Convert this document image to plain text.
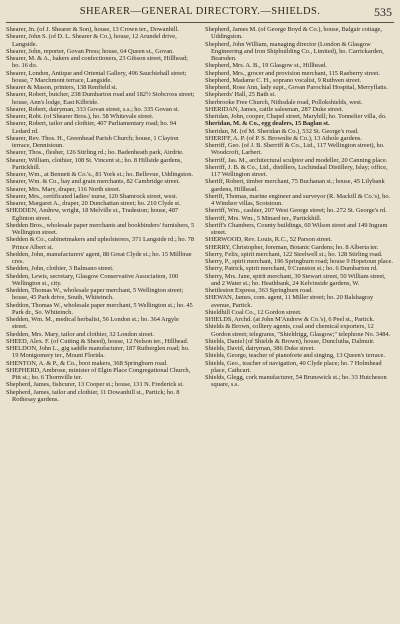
SHEARER—GENERAL DIRECTORY.—SHIELDS.	535
Shearer, Jn. (of J. Shearer & Son), house, 13 Crown ter., Dowanhill.
Shearer, John S. (of D. L. Shearer & Co.), house, 12 Arundel drive, Langside.
Shearer, John, reporter, Govan Press; house, 64 Queen st., Govan.
Shearer, M. & A., bakers and confectioners, 23 Gibson street, Hillhead; ho. 16 do.
Shearer, London, Antique and Oriental Gallery, 496 Sauchiehall street; house, 7 Marchmont terrace, Langside.
Shearer & Mason, printers, 138 Renfield st.
Shearer, Robert, butcher, 238 Dumbarton road and 182½ Stobcross street; house, Ann's lodge, East Kilbride.
Shearer, Robert, dairyman, 333 Govan street, s.s.; ho. 335 Govan st.
Shearer, Robt. (of Shearer Bros.), ho. 58 Whitevale street.
Shearer, Robert, tailor and clothier, 407 Parliamentary road; ho. 94 Ledard rd.
Shearer, Rev. Thos. H., Greenhead Parish Church; house, 1 Clayton terrace, Dennistoun.
Shearer, Thos., flesher, 126 Stirling rd.; ho. Badenheath park, Airdrie.
Shearer, William, clothier, 108 St. Vincent st.; ho. 8 Hillside gardens, Partickhill.
Shearer, Wm., at Bennett & Co.'s., 81 York st.; ho. Bellevue, Uddingston.
Shearer, Wm. & Co., hay and grain merchants, 82 Cambridge street.
Shearer, Mrs. Mary, draper, 116 North street.
Shearer, Mrs., certificated ladies' nurse, 120 Shamrock street, west.
Shearer, Margaret A., draper, 20 Dunchattan street; ho. 210 Clyde st.
SHEDDEN, Andrew, wright, 18 Melville st., Tradeston; house, 487 Eglinton street.
Shedden Bros., wholesale paper merchants and bookbinders' furnishers, 5 Wellington street.
Shedden & Co., cabinetmakers and upholsterers, 371 Langside rd.; ho. 78 Prince Albert st.
Shedden, John, manufacturers' agent, 88 Great Clyde st.; ho. 15 Millbrae cres.
Shedden, John, clothier, 3 Balmano street.
Shedden, Lewis, secretary, Glasgow Conservative Association, 100 Wellington st., city.
Shedden, Thomas W., wholesale paper merchant, 5 Wellington street; house, 45 Park drive, South, Whiteinch.
Sheddon, Thomas W., wholesale paper merchant, 5 Wellington st.; ho. 45 Park dr., So. Whiteinch.
Shedden, Wm. M., medical herbalist, 56 London st.; ho. 364 Argyle street.
Shedden, Mrs. Mary, tailor and clothier, 32 London street.
SHEED, Alex. F. (of Cutting & Sheed), house, 12 Nelson ter., Hillhead.
SHELDON, John L., gig saddle manufacturer, 187 Rutherglen road; ho. 19 Montgomery ter., Mount Florida.
SHENTON, A. & P., & Co., boot makers, 368 Springburn road.
SHEPHERD, Ambrose, minister of Elgin Place Congregational Church, Pitt st.; ho. 6 Thornville ter.
Shepherd, James, fishcurer, 13 Cooper st.; house, 131 N. Frederick st.
Shepherd, James, tailor and clothier, 11 Dowanhill st., Partick; ho. 8 Rothesay gardens.
Shepherd, James M. (of George Boyd & Co.), house, Balgair cottage, Uddingston.
Shepherd, John William, managing director (London & Glasgow Engineering and Iron Shipbuilding Co., Limited), ho. Carrickarden, Bearsden.
Shepherd, Mrs. A. B., 19 Glasgow st., Hillhead.
Shepherd, Mrs., grocer and provision merchant, 115 Raeberry street.
Shepherd, Madame C. H., soprano vocalist, 9 Ruthven street.
Shepherd, Rose Ann, lady supt., Govan Parochial Hospital, Merryflatts.
Shepherds' Hall, 25 Bath st.
Sherbrooke Free Church, Nithsdale road, Pollokshields, west.
SHERIDAN, James, cattle salesman, 287 Duke street.
Sheridan, John, cooper, Chapel street, Maryhill; ho. Tonnelier villa, do.
Sheridan, M. & Co., egg dealers, 15 Baglan st.
Sheridan, M. (of M. Sheridan & Co.), 532 St. George's road.
SHERIFF, A. P. (of P. S. Brownlie & Co.), 13 Athole gardens.
Sherriff, Geo. (of J. B. Sherriff & Co., Ltd., 117 Wellington street), ho. Woodcroft, Larbert.
Sherriff, Jas. M., architectural sculptor and modeller, 20 Canning place.
Sherriff, J. B. & Co., Ltd., distillers, Lochindaal Distillery, Islay; office, 117 Wellington street.
Sheriff, Robert, timber merchant, 75 Buchanan st.; house, 45 Lilybank gardens, Hillhead.
Sheriff, Thomas, marine engineer and surveyor (R. Mackill & Co.'s), ho. 4 Windsor villas, Scotstoun.
Sherriff, Wm., cashier, 207 West George street; ho. 272 St. George's rd.
Sherriff, Mrs. Wm., 5 Minard ter., Partickhill.
Sheriff's Chambers, County buildings, 60 Wilson street and 149 Ingram street.
SHERWOOD, Rev. Louis, R.C., 52 Parson street.
SHERRY, Christopher, foreman, Botanic Gardens; ho. 8 Alberta ter.
Sherry, Felix, spirit merchant, 122 Steelwell st.; ho. 128 Stirling road.
Sherry, P., spirit merchant, 196 Springburn road; house 9 Hopetoun place.
Sherry, Patrick, spirit merchant, 9 Cranston st.; ho. 6 Dumbarton rd.
Sherry, Mrs. Jane, spirit merchant, 30 Stewart street, 50 William street, and 2 Water st.; ho. Heathbank, 24 Kelvinside gardens, W.
Shettleston Express, 363 Springburn road.
SHEWAN, James, com. agent, 11 Miller street; ho. 20 Balshagray avenue, Partick.
Shieldhill Coal Co., 12 Gordon street.
SHIELDS, Archd. (at John M'Andrew & Co.'s), 6 Peel st., Partick.
Shields & Brown, colliery agents, coal and chemical exporters, 12 Gordon street; telegrams, "Shieldrigg, Glasgow;" telephone No. 3484.
Shields, Daniel (of Shields & Brown), house, Dunclutha, Dalmuir.
Shields, David, dairyman, 386 Duke street.
Shields, George, teacher of pianoforte and singing, 13 Queen's terrace.
Shields, Geo., teacher of navigation, 40 Clyde place; ho. 7 Holmhead place, Cathcart.
Shields, Glegg, cork manufacturer, 54 Brunswick st.; ho. 33 Hutcheson square, s.s.
